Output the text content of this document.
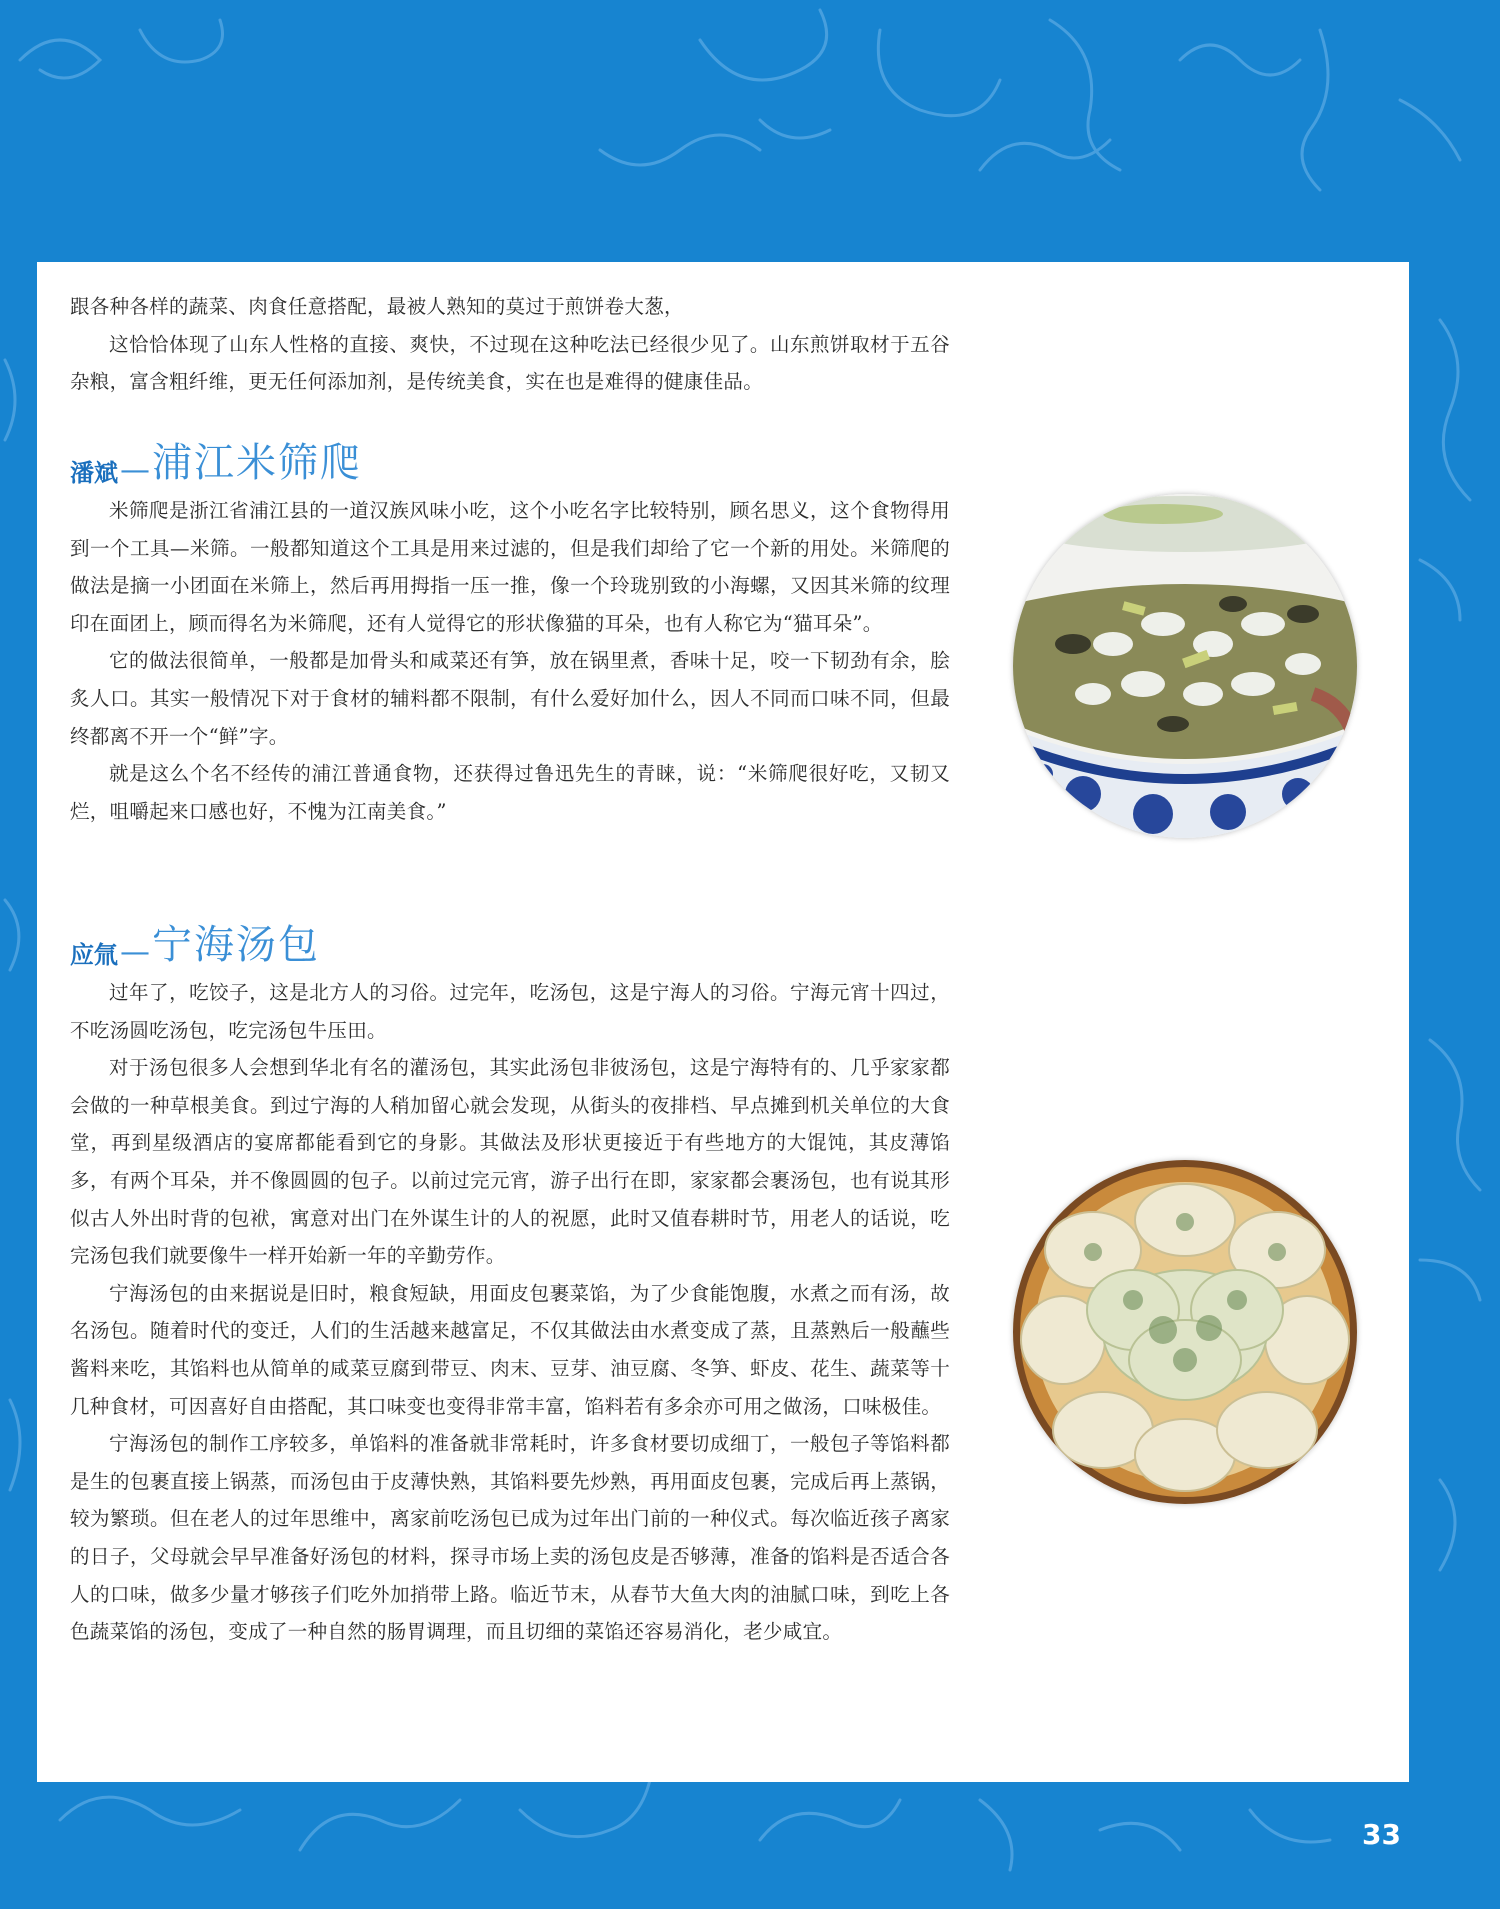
跟各种各样的蔬菜、肉食任意搭配，最被人熟知的莫过于煎饼卷大葱，

这恰恰体现了山东人性格的直接、爽快，不过现在这种吃法已经很少见了。山东煎饼取材于五谷杂粮，富含粗纤维，更无任何添加剂，是传统美食，实在也是难得的健康佳品。

潘斌 — 浦江米筛爬

米筛爬是浙江省浦江县的一道汉族风味小吃，这个小吃名字比较特别，顾名思义，这个食物得用到一个工具—米筛。一般都知道这个工具是用来过滤的，但是我们却给了它一个新的用处。米筛爬的做法是摘一小团面在米筛上，然后再用拇指一压一推，像一个玲珑别致的小海螺，又因其米筛的纹理印在面团上，顾而得名为米筛爬，还有人觉得它的形状像猫的耳朵，也有人称它为“猫耳朵”。

它的做法很简单，一般都是加骨头和咸菜还有笋，放在锅里煮，香味十足，咬一下韧劲有余，脍炙人口。其实一般情况下对于食材的辅料都不限制，有什么爱好加什么，因人不同而口味不同，但最终都离不开一个“鲜”字。

就是这么个名不经传的浦江普通食物，还获得过鲁迅先生的青睐，说：“米筛爬很好吃，又韧又烂，咀嚼起来口感也好，不愧为江南美食。”

应氚 — 宁海汤包

过年了，吃饺子，这是北方人的习俗。过完年，吃汤包，这是宁海人的习俗。宁海元宵十四过，不吃汤圆吃汤包，吃完汤包牛压田。

对于汤包很多人会想到华北有名的灌汤包，其实此汤包非彼汤包，这是宁海特有的、几乎家家都会做的一种草根美食。到过宁海的人稍加留心就会发现，从街头的夜排档、早点摊到机关单位的大食堂，再到星级酒店的宴席都能看到它的身影。其做法及形状更接近于有些地方的大馄饨，其皮薄馅多，有两个耳朵，并不像圆圆的包子。以前过完元宵，游子出行在即，家家都会裹汤包，也有说其形似古人外出时背的包袱，寓意对出门在外谋生计的人的祝愿，此时又值春耕时节，用老人的话说，吃完汤包我们就要像牛一样开始新一年的辛勤劳作。

宁海汤包的由来据说是旧时，粮食短缺，用面皮包裹菜馅，为了少食能饱腹，水煮之而有汤，故名汤包。随着时代的变迁，人们的生活越来越富足，不仅其做法由水煮变成了蒸，且蒸熟后一般蘸些酱料来吃，其馅料也从简单的咸菜豆腐到带豆、肉末、豆芽、油豆腐、冬笋、虾皮、花生、蔬菜等十几种食材，可因喜好自由搭配，其口味变也变得非常丰富，馅料若有多余亦可用之做汤，口味极佳。

宁海汤包的制作工序较多，单馅料的准备就非常耗时，许多食材要切成细丁，一般包子等馅料都是生的包裹直接上锅蒸，而汤包由于皮薄快熟，其馅料要先炒熟，再用面皮包裹，完成后再上蒸锅，较为繁琐。但在老人的过年思维中，离家前吃汤包已成为过年出门前的一种仪式。每次临近孩子离家的日子，父母就会早早准备好汤包的材料，探寻市场上卖的汤包皮是否够薄，准备的馅料是否适合各人的口味，做多少量才够孩子们吃外加捎带上路。临近节末，从春节大鱼大肉的油腻口味，到吃上各色蔬菜馅的汤包，变成了一种自然的肠胃调理，而且切细的菜馅还容易消化，老少咸宜。

33
